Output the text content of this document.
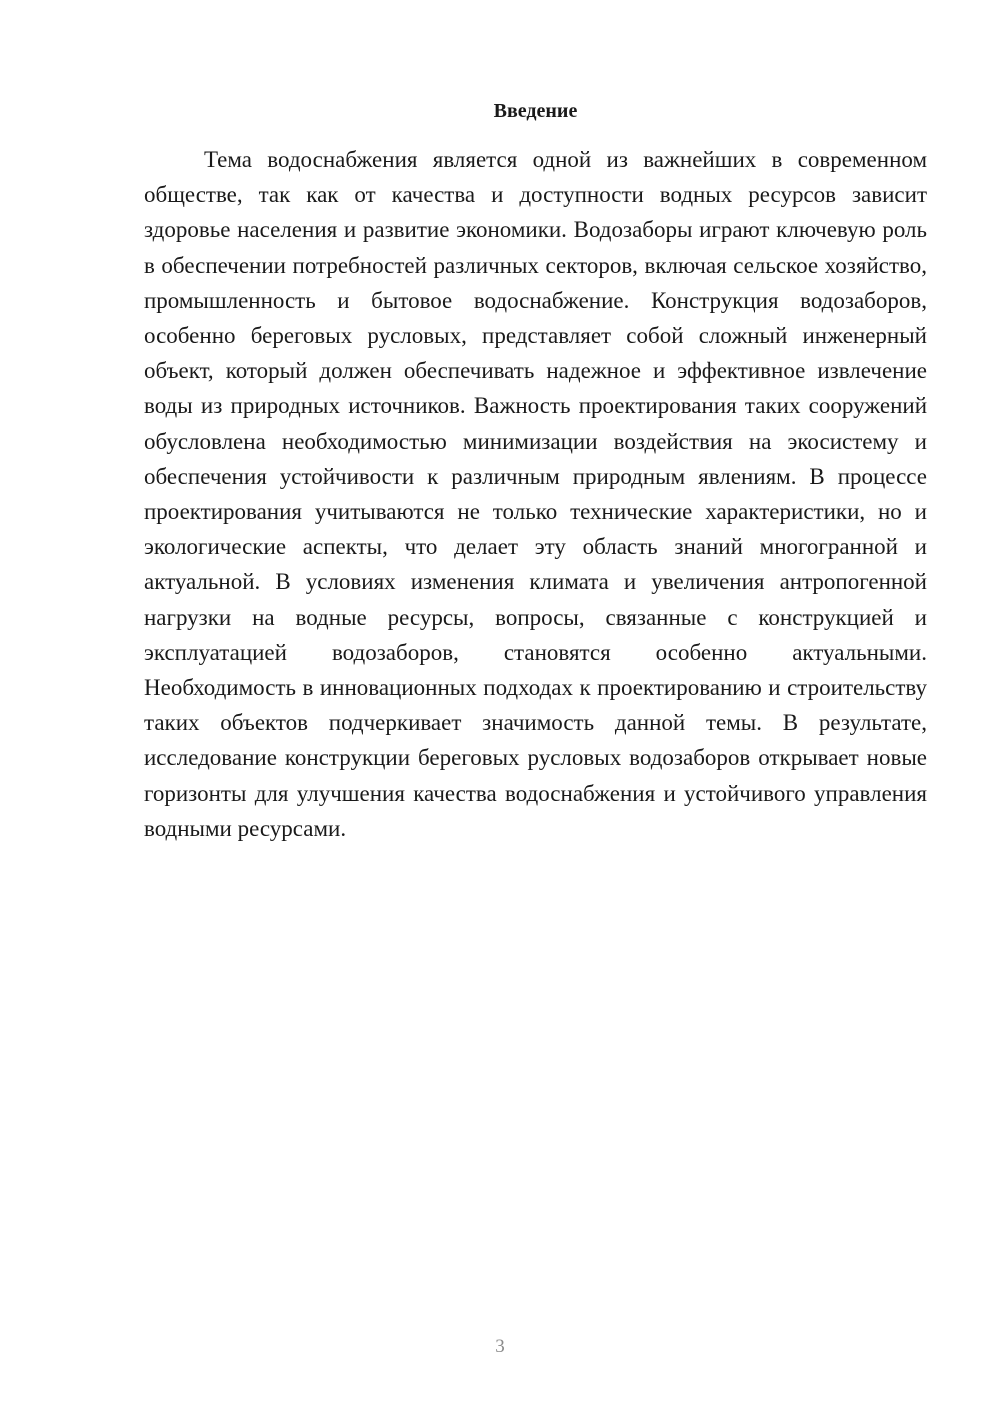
Введение

Тема водоснабжения является одной из важнейших в современном обществе, так как от качества и доступности водных ресурсов зависит здоровье населения и развитие экономики. Водозаборы играют ключевую роль в обеспечении потребностей различных секторов, включая сельское хозяйство, промышленность и бытовое водоснабжение. Конструкция водозаборов, особенно береговых русловых, представляет собой сложный инженерный объект, который должен обеспечивать надежное и эффективное извлечение воды из природных источников. Важность проектирования таких сооружений обусловлена необходимостью минимизации воздействия на экосистему и обеспечения устойчивости к различным природным явлениям. В процессе проектирования учитываются не только технические характеристики, но и экологические аспекты, что делает эту область знаний многогранной и актуальной. В условиях изменения климата и увеличения антропогенной нагрузки на водные ресурсы, вопросы, связанные с конструкцией и эксплуатацией водозаборов, становятся особенно актуальными. Необходимость в инновационных подходах к проектированию и строительству таких объектов подчеркивает значимость данной темы. В результате, исследование конструкции береговых русловых водозаборов открывает новые горизонты для улучшения качества водоснабжения и устойчивого управления водными ресурсами.

3
